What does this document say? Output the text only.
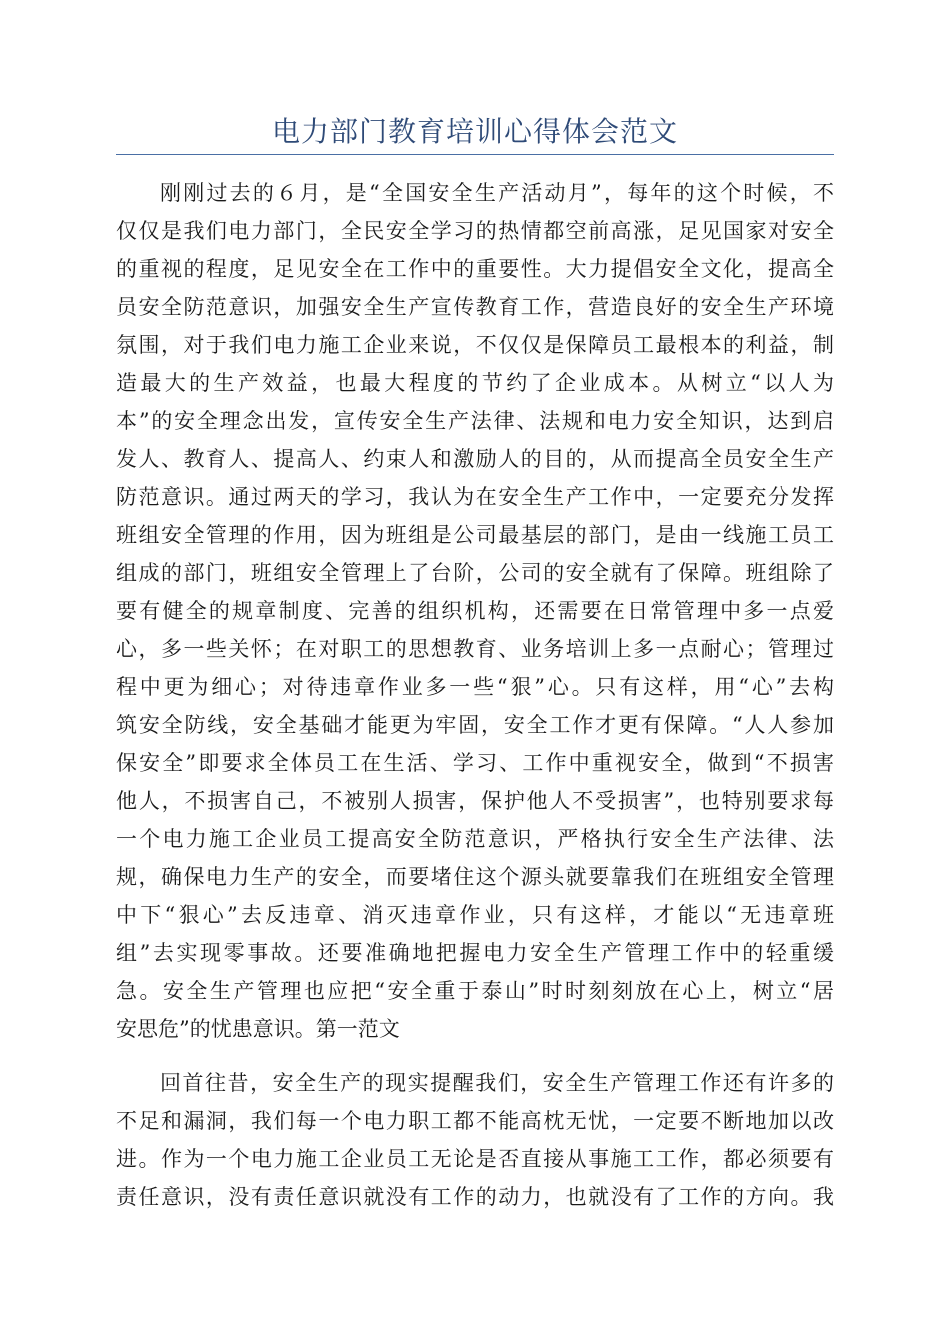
电力部门教育培训心得体会范文
刚刚过去的６月，是“全国安全生产活动月”，每年的这个时候，不
仅仅是我们电力部门，全民安全学习的热情都空前高涨，足见国家对安全
的重视的程度，足见安全在工作中的重要性。大力提倡安全文化，提高全
员安全防范意识，加强安全生产宣传教育工作，营造良好的安全生产环境
氛围，对于我们电力施工企业来说，不仅仅是保障员工最根本的利益，制
造最大的生产效益，也最大程度的节约了企业成本。从树立“以人为
本”的安全理念出发，宣传安全生产法律、法规和电力安全知识，达到启
发人、教育人、提高人、约束人和激励人的目的，从而提高全员安全生产
防范意识。通过两天的学习，我认为在安全生产工作中，一定要充分发挥
班组安全管理的作用，因为班组是公司最基层的部门，是由一线施工员工
组成的部门，班组安全管理上了台阶，公司的安全就有了保障。班组除了
要有健全的规章制度、完善的组织机构，还需要在日常管理中多一点爱
心，多一些关怀；在对职工的思想教育、业务培训上多一点耐心；管理过
程中更为细心；对待违章作业多一些“狠”心。只有这样，用“心”去构
筑安全防线，安全基础才能更为牢固，安全工作才更有保障。“人人参加
保安全”即要求全体员工在生活、学习、工作中重视安全，做到“不损害
他人，不损害自己，不被别人损害，保护他人不受损害”，也特别要求每
一个电力施工企业员工提高安全防范意识，严格执行安全生产法律、法
规，确保电力生产的安全，而要堵住这个源头就要靠我们在班组安全管理
中下“狠心”去反违章、消灭违章作业，只有这样，才能以“无违章班
组”去实现零事故。还要准确地把握电力安全生产管理工作中的轻重缓
急。安全生产管理也应把“安全重于泰山”时时刻刻放在心上，树立“居
安思危”的忧患意识。第一范文
回首往昔，安全生产的现实提醒我们，安全生产管理工作还有许多的
不足和漏洞，我们每一个电力职工都不能高枕无忧，一定要不断地加以改
进。作为一个电力施工企业员工无论是否直接从事施工工作，都必须要有
责任意识，没有责任意识就没有工作的动力，也就没有了工作的方向。我
